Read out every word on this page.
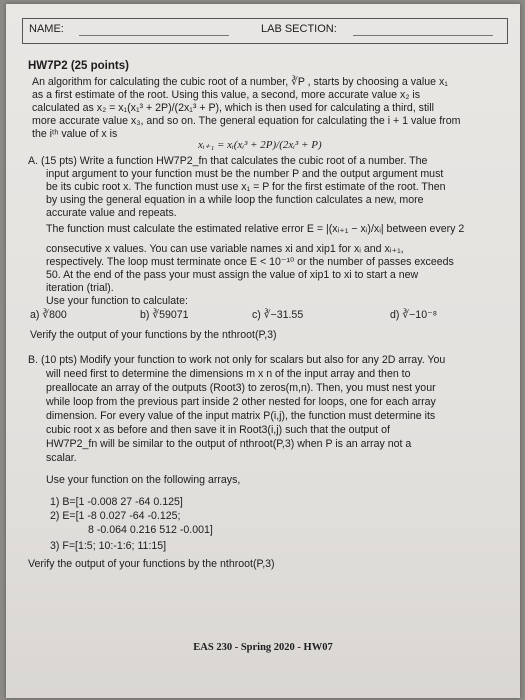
NAME:	LAB SECTION:
HW7P2 (25 points)
An algorithm for calculating the cubic root of a number, ∛P , starts by choosing a value x₁
as a first estimate of the root. Using this value, a second, more accurate value x₂ is
calculated as x₂ = x₁(x₁³ + 2P)/(2x₁³ + P), which is then used for calculating a third, still
more accurate value x₃, and so on. The general equation for calculating the i + 1 value from
the iᵗʰ value of x is
xᵢ₊₁ = xᵢ(xᵢ³ + 2P)/(2xᵢ³ + P)
A. (15 pts) Write a function HW7P2_fn that calculates the cubic root of a number. The
input argument to your function must be the number P and the output argument must
be its cubic root x. The function must use x₁ = P for the first estimate of the root. Then
by using the general equation in a while loop the function calculates a new, more
accurate value and repeats.
The function must calculate the estimated relative error E = |(xᵢ₊₁ − xᵢ)/xᵢ| between every 2
consecutive x values. You can use variable names xi and xip1 for xᵢ and xᵢ₊₁,
respectively. The loop must terminate once E < 10⁻¹⁰ or the number of passes exceeds
50. At the end of the pass your must assign the value of xip1 to xi to start a new
iteration (trial).
Use your function to calculate:
a) ∛800	b) ∛59071	c) ∛−31.55	d) ∛−10⁻⁸
Verify the output of your functions by the nthroot(P,3)
B. (10 pts) Modify your function to work not only for scalars but also for any 2D array. You
will need first to determine the dimensions m x n of the input array and then to
preallocate an array of the outputs (Root3) to zeros(m,n). Then, you must nest your
while loop from the previous part inside 2 other nested for loops, one for each array
dimension. For every value of the input matrix P(i,j), the function must determine its
cubic root x as before and then save it in Root3(i,j) such that the output of
HW7P2_fn will be similar to the output of nthroot(P,3) when P is an array not a
scalar.
Use your function on the following arrays,
1) B=[1 -0.008 27 -64 0.125]
2) E=[1 -8 0.027 -64 -0.125;
8 -0.064 0.216 512 -0.001]
3) F=[1:5; 10:-1:6; 11:15]
Verify the output of your functions by the nthroot(P,3)
EAS 230 - Spring 2020 - HW07
